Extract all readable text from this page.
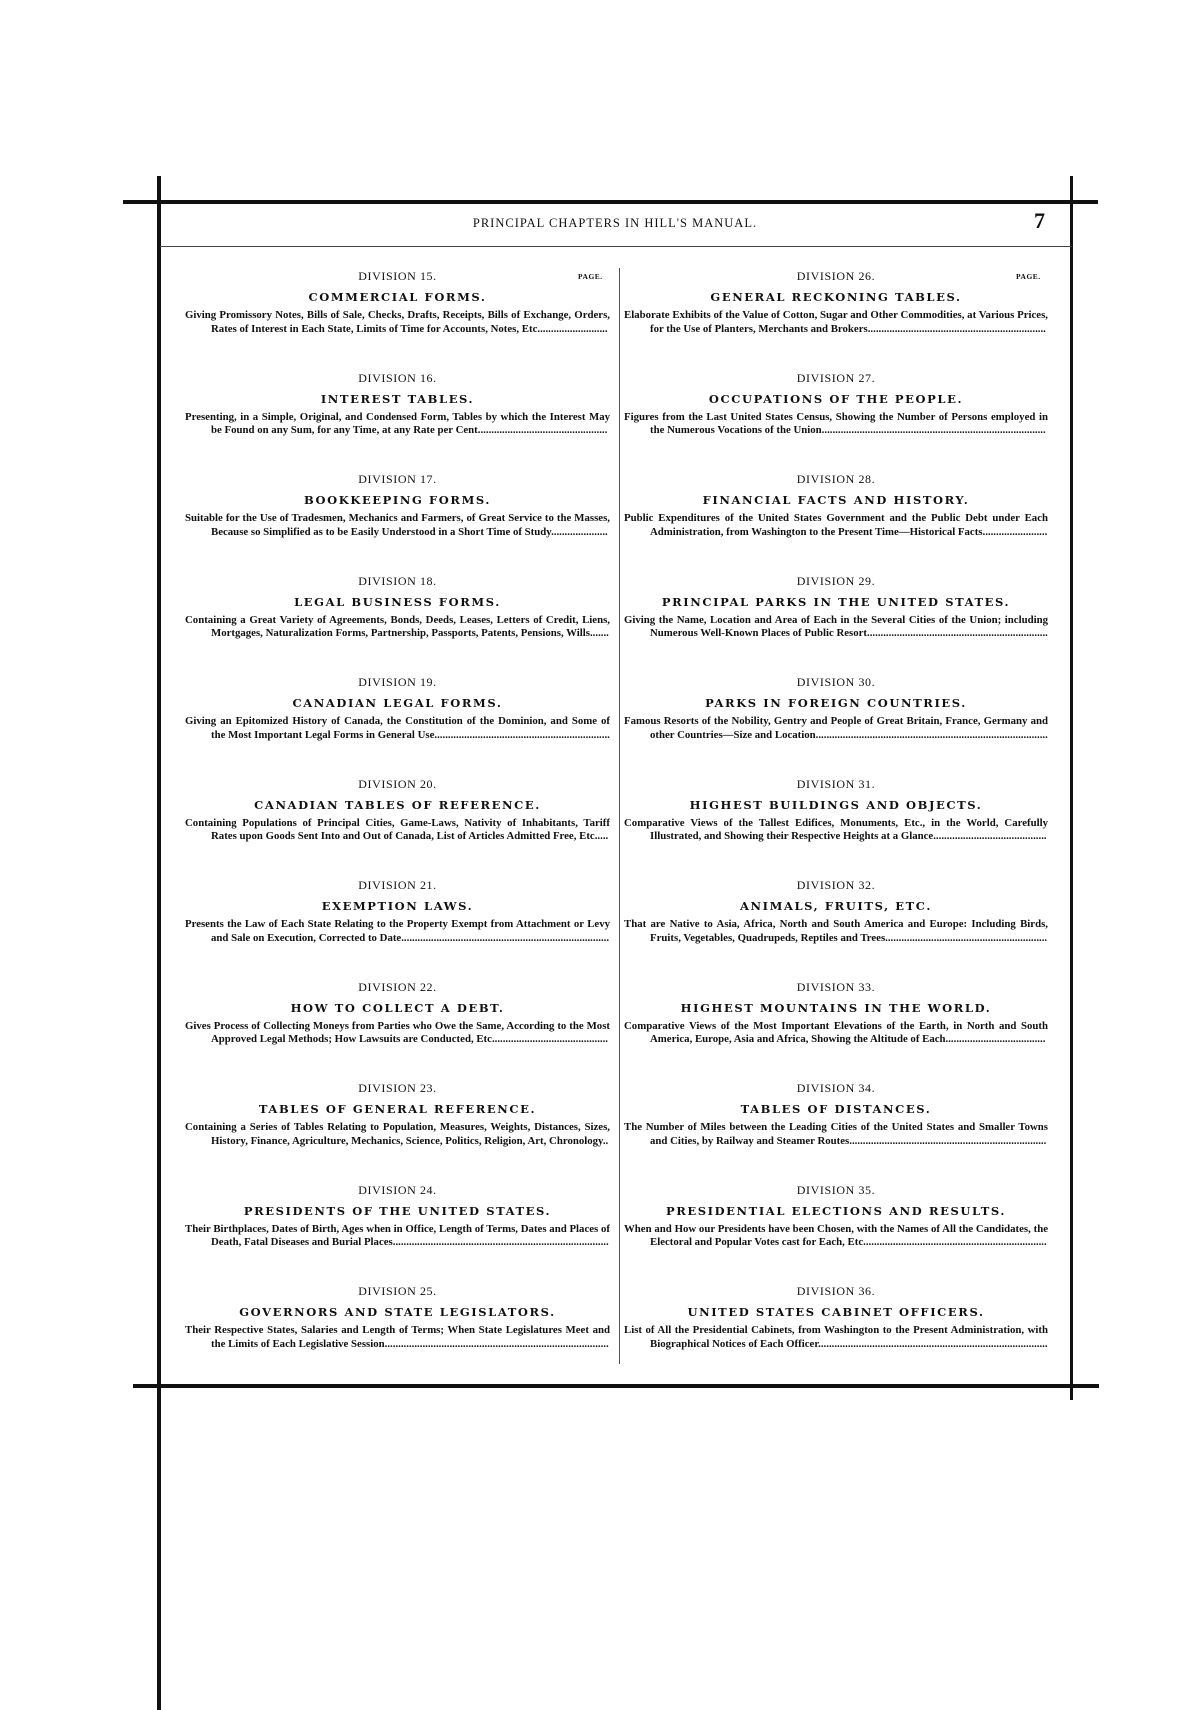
PRINCIPAL CHAPTERS IN HILL'S MANUAL.	7
PAGE.	PAGE.
DIVISION 15.
COMMERCIAL FORMS.
Giving Promissory Notes, Bills of Sale, Checks, Drafts, Receipts, Bills of Exchange, Orders, Rates of Interest in Each State, Limits of Time for Accounts, Notes, Etc..........................
DIVISION 16.
INTEREST TABLES.
Presenting, in a Simple, Original, and Condensed Form, Tables by which the Interest May be Found on any Sum, for any Time, at any Rate per Cent................................................
DIVISION 17.
BOOKKEEPING FORMS.
Suitable for the Use of Tradesmen, Mechanics and Farmers, of Great Service to the Masses, Because so Simplified as to be Easily Understood in a Short Time of Study.....................
DIVISION 18.
LEGAL BUSINESS FORMS.
Containing a Great Variety of Agreements, Bonds, Deeds, Leases, Letters of Credit, Liens, Mortgages, Naturalization Forms, Partnership, Passports, Patents, Pensions, Wills.......
DIVISION 19.
CANADIAN LEGAL FORMS.
Giving an Epitomized History of Canada, the Constitution of the Dominion, and Some of the Most Important Legal Forms in General Use.................................................................
DIVISION 20.
CANADIAN TABLES OF REFERENCE.
Containing Populations of Principal Cities, Game-Laws, Nativity of Inhabitants, Tariff Rates upon Goods Sent Into and Out of Canada, List of Articles Admitted Free, Etc.....
DIVISION 21.
EXEMPTION LAWS.
Presents the Law of Each State Relating to the Property Exempt from Attachment or Levy and Sale on Execution, Corrected to Date.............................................................................
DIVISION 22.
HOW TO COLLECT A DEBT.
Gives Process of Collecting Moneys from Parties who Owe the Same, According to the Most Approved Legal Methods; How Lawsuits are Conducted, Etc...........................................
DIVISION 23.
TABLES OF GENERAL REFERENCE.
Containing a Series of Tables Relating to Population, Measures, Weights, Distances, Sizes, History, Finance, Agriculture, Mechanics, Science, Politics, Religion, Art, Chronology..
DIVISION 24.
PRESIDENTS OF THE UNITED STATES.
Their Birthplaces, Dates of Birth, Ages when in Office, Length of Terms, Dates and Places of Death, Fatal Diseases and Burial Places................................................................................
DIVISION 25.
GOVERNORS AND STATE LEGISLATORS.
Their Respective States, Salaries and Length of Terms; When State Legislatures Meet and the Limits of Each Legislative Session...................................................................................
DIVISION 26.
GENERAL RECKONING TABLES.
Elaborate Exhibits of the Value of Cotton, Sugar and Other Commodities, at Various Prices, for the Use of Planters, Merchants and Brokers..................................................................
DIVISION 27.
OCCUPATIONS OF THE PEOPLE.
Figures from the Last United States Census, Showing the Number of Persons employed in the Numerous Vocations of the Union...................................................................................
DIVISION 28.
FINANCIAL FACTS AND HISTORY.
Public Expenditures of the United States Government and the Public Debt under Each Administration, from Washington to the Present Time—Historical Facts........................
DIVISION 29.
PRINCIPAL PARKS IN THE UNITED STATES.
Giving the Name, Location and Area of Each in the Several Cities of the Union; including Numerous Well-Known Places of Public Resort...................................................................
DIVISION 30.
PARKS IN FOREIGN COUNTRIES.
Famous Resorts of the Nobility, Gentry and People of Great Britain, France, Germany and other Countries—Size and Location......................................................................................
DIVISION 31.
HIGHEST BUILDINGS AND OBJECTS.
Comparative Views of the Tallest Edifices, Monuments, Etc., in the World, Carefully Illustrated, and Showing their Respective Heights at a Glance..........................................
DIVISION 32.
ANIMALS, FRUITS, ETC.
That are Native to Asia, Africa, North and South America and Europe: Including Birds, Fruits, Vegetables, Quadrupeds, Reptiles and Trees............................................................
DIVISION 33.
HIGHEST MOUNTAINS IN THE WORLD.
Comparative Views of the Most Important Elevations of the Earth, in North and South America, Europe, Asia and Africa, Showing the Altitude of Each.....................................
DIVISION 34.
TABLES OF DISTANCES.
The Number of Miles between the Leading Cities of the United States and Smaller Towns and Cities, by Railway and Steamer Routes.........................................................................
DIVISION 35.
PRESIDENTIAL ELECTIONS AND RESULTS.
When and How our Presidents have been Chosen, with the Names of All the Candidates, the Electoral and Popular Votes cast for Each, Etc....................................................................
DIVISION 36.
UNITED STATES CABINET OFFICERS.
List of All the Presidential Cabinets, from Washington to the Present Administration, with Biographical Notices of Each Officer.....................................................................................
